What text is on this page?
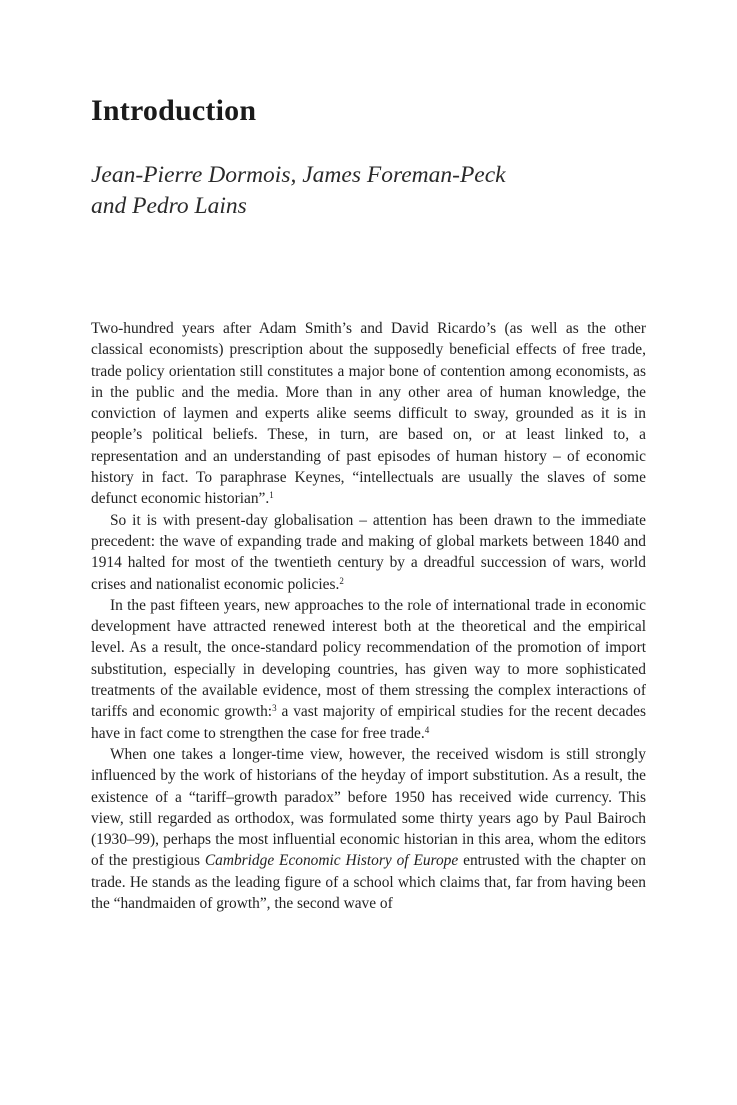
Introduction
Jean-Pierre Dormois, James Foreman-Peck
and Pedro Lains

Two-hundred years after Adam Smith’s and David Ricardo’s (as well as the other classical economists) prescription about the supposedly beneficial effects of free trade, trade policy orientation still constitutes a major bone of contention among economists, as in the public and the media. More than in any other area of human knowledge, the conviction of laymen and experts alike seems difficult to sway, grounded as it is in people’s political beliefs. These, in turn, are based on, or at least linked to, a representation and an understanding of past episodes of human history – of economic history in fact. To paraphrase Keynes, “intellectuals are usually the slaves of some defunct economic historian”.$^1$

So it is with present-day globalisation – attention has been drawn to the immediate precedent: the wave of expanding trade and making of global markets between 1840 and 1914 halted for most of the twentieth century by a dreadful succession of wars, world crises and nationalist economic policies.$^2$

In the past fifteen years, new approaches to the role of international trade in economic development have attracted renewed interest both at the theoretical and the empirical level. As a result, the once-standard policy recommendation of the promotion of import substitution, especially in developing countries, has given way to more sophisticated treatments of the available evidence, most of them stressing the complex interactions of tariffs and economic growth:$^3$ a vast majority of empirical studies for the recent decades have in fact come to strengthen the case for free trade.$^4$

When one takes a longer-time view, however, the received wisdom is still strongly influenced by the work of historians of the heyday of import substitution. As a result, the existence of a “tariff–growth paradox” before 1950 has received wide currency. This view, still regarded as orthodox, was formulated some thirty years ago by Paul Bairoch (1930–99), perhaps the most influential economic historian in this area, whom the editors of the prestigious Cambridge Economic History of Europe entrusted with the chapter on trade. He stands as the leading figure of a school which claims that, far from having been the “handmaiden of growth”, the second wave of
